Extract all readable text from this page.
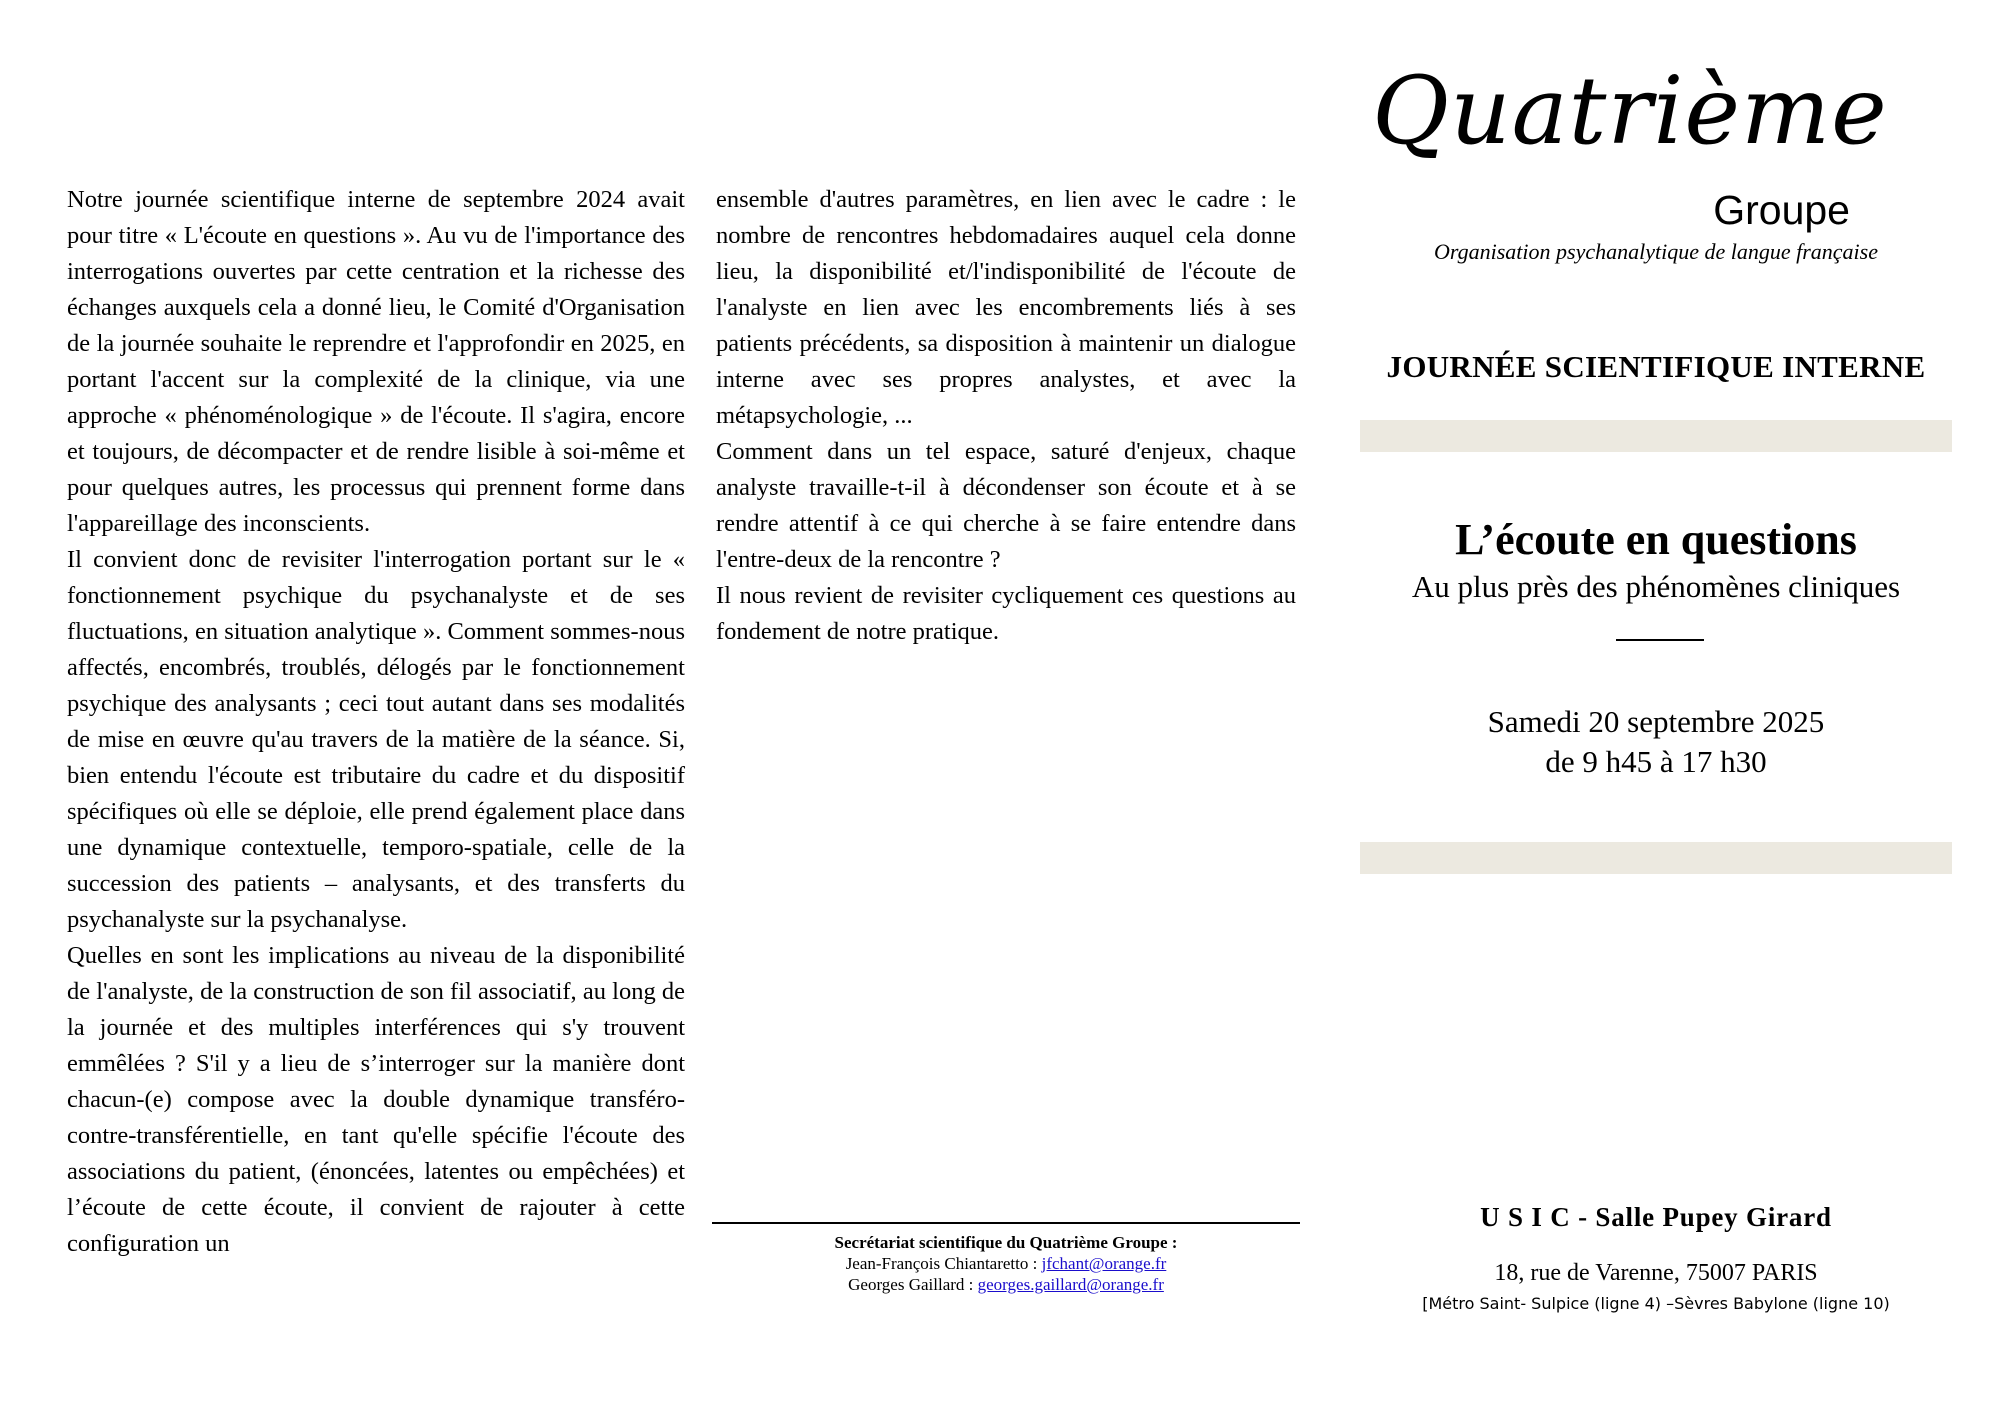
Notre journée scientifique interne de septembre 2024 avait pour titre « L'écoute en questions ». Au vu de l'importance des interrogations ouvertes par cette centration et la richesse des échanges auxquels cela a donné lieu, le Comité d'Organisation de la journée souhaite le reprendre et l'approfondir en 2025, en portant l'accent sur la complexité de la clinique, via une approche « phénoménologique » de l'écoute. Il s'agira, encore et toujours, de décompacter et de rendre lisible à soi-même et pour quelques autres, les processus qui prennent forme dans l'appareillage des inconscients.

Il convient donc de revisiter l'interrogation portant sur le « fonctionnement psychique du psychanalyste et de ses fluctuations, en situation analytique ». Comment sommes-nous affectés, encombrés, troublés, délogés par le fonctionnement psychique des analysants ; ceci tout autant dans ses modalités de mise en œuvre qu'au travers de la matière de la séance. Si, bien entendu l'écoute est tributaire du cadre et du dispositif spécifiques où elle se déploie, elle prend également place dans une dynamique contextuelle, temporo-spatiale, celle de la succession des patients – analysants, et des transferts du psychanalyste sur la psychanalyse.

Quelles en sont les implications au niveau de la disponibilité de l'analyste, de la construction de son fil associatif, au long de la journée et des multiples interférences qui s'y trouvent emmêlées ? S'il y a lieu de s’interroger sur la manière dont chacun-(e) compose avec la double dynamique transféro-contre-transférentielle, en tant qu'elle spécifie l'écoute des associations du patient, (énoncées, latentes ou empêchées) et l’écoute de cette écoute, il convient de rajouter à cette configuration un

ensemble d'autres paramètres, en lien avec le cadre : le nombre de rencontres hebdomadaires auquel cela donne lieu, la disponibilité et/l'indisponibilité de l'écoute de l'analyste en lien avec les encombrements liés à ses patients précédents, sa disposition à maintenir un dialogue interne avec ses propres analystes, et avec la métapsychologie, ...

Comment dans un tel espace, saturé d'enjeux, chaque analyste travaille-t-il à décondenser son écoute et à se rendre attentif à ce qui cherche à se faire entendre dans l'entre-deux de la rencontre ?

Il nous revient de revisiter cycliquement ces questions au fondement de notre pratique.

Secrétariat scientifique du Quatrième Groupe :
Jean-François Chiantaretto : jfchant@orange.fr
Georges Gaillard : georges.gaillard@orange.fr
Quatrième
Groupe
Organisation psychanalytique de langue française
JOURNÉE SCIENTIFIQUE INTERNE
L’écoute en questions
Au plus près des phénomènes cliniques
Samedi 20 septembre 2025
de 9 h45 à 17 h30
U S I C - Salle Pupey Girard
18, rue de Varenne, 75007 PARIS
[Métro Saint- Sulpice (ligne 4) –Sèvres Babylone (ligne 10)
